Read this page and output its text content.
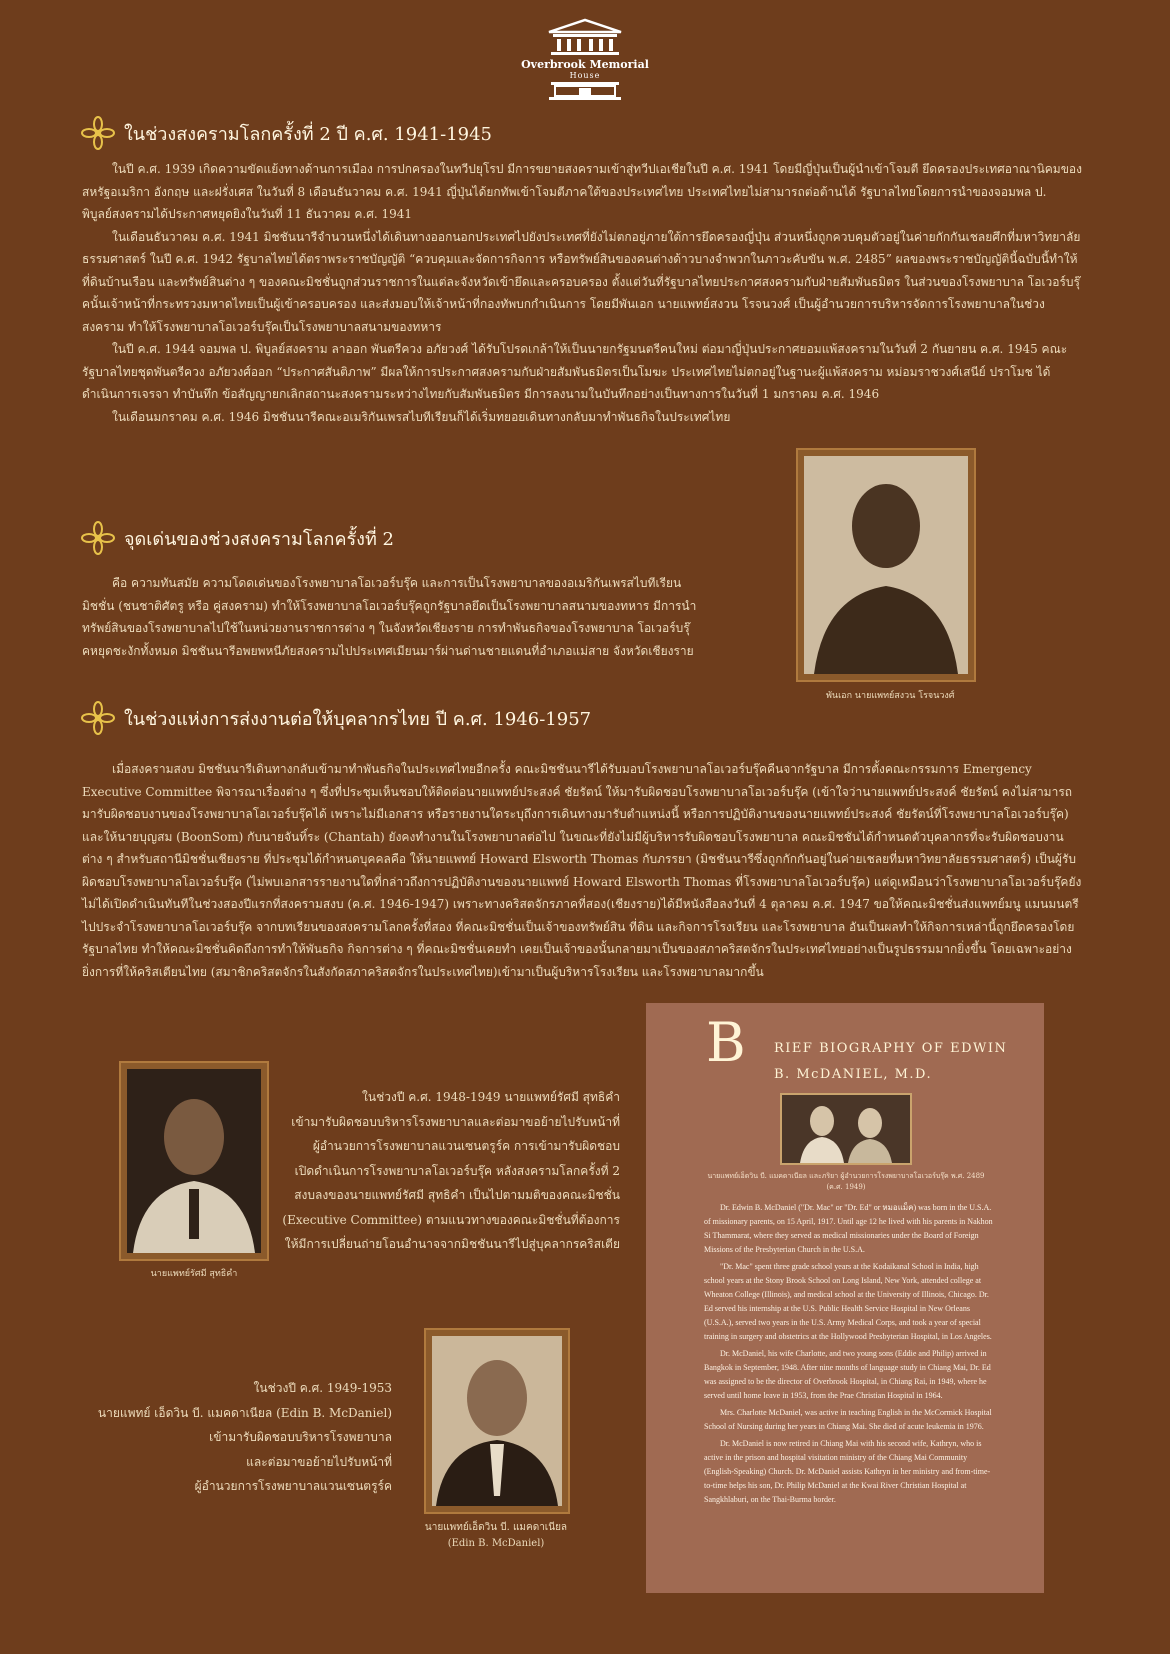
Overbrook Memorial
House
ในช่วงสงครามโลกครั้งที่ 2 ปี ค.ศ. 1941-1945

ในปี ค.ศ. 1939 เกิดความขัดแย้งทางด้านการเมือง การปกครองในทวีปยุโรป มีการขยายสงครามเข้าสู่ทวีปเอเชียในปี ค.ศ. 1941 โดยมีญี่ปุ่นเป็นผู้นำเข้าโจมตี ยึดครองประเทศอาณานิคมของสหรัฐอเมริกา อังกฤษ และฝรั่งเศส ในวันที่ 8 เดือนธันวาคม ค.ศ. 1941 ญี่ปุ่นได้ยกทัพเข้าโจมตีภาคใต้ของประเทศไทย ประเทศไทยไม่สามารถต่อต้านได้ รัฐบาลไทยโดยการนำของจอมพล ป. พิบูลย์สงครามได้ประกาศหยุดยิงในวันที่ 11 ธันวาคม ค.ศ. 1941

ในเดือนธันวาคม ค.ศ. 1941 มิชชันนารีจำนวนหนึ่งได้เดินทางออกนอกประเทศไปยังประเทศที่ยังไม่ตกอยู่ภายใต้การยึดครองญี่ปุ่น ส่วนหนึ่งถูกควบคุมตัวอยู่ในค่ายกักกันเชลยศึกที่มหาวิทยาลัยธรรมศาสตร์ ในปี ค.ศ. 1942 รัฐบาลไทยได้ตราพระราชบัญญัติ “ควบคุมและจัดการกิจการ หรือทรัพย์สินของคนต่างด้าวบางจำพวกในภาวะคับขัน พ.ศ. 2485” ผลของพระราชบัญญัตินี้ฉบับนี้ทำให้ที่ดินบ้านเรือน และทรัพย์สินต่าง ๆ ของคณะมิชชั่นถูกส่วนราชการในแต่ละจังหวัดเข้ายึดและครอบครอง ตั้งแต่วันที่รัฐบาลไทยประกาศสงครามกับฝ่ายสัมพันธมิตร ในส่วนของโรงพยาบาล โอเวอร์บรุ๊คนั้นเจ้าหน้าที่กระทรวงมหาดไทยเป็นผู้เข้าครอบครอง และส่งมอบให้เจ้าหน้าที่กองทัพบกกำเนินการ โดยมีพันเอก นายแพทย์สงวน โรจนวงศ์ เป็นผู้อำนวยการบริหารจัดการโรงพยาบาลในช่วงสงคราม ทำให้โรงพยาบาลโอเวอร์บรุ๊คเป็นโรงพยาบาลสนามของทหาร

ในปี ค.ศ. 1944 จอมพล ป. พิบูลย์สงคราม ลาออก พันตรีควง อภัยวงศ์ ได้รับโปรดเกล้าให้เป็นนายกรัฐมนตรีคนใหม่ ต่อมาญี่ปุ่นประกาศยอมแพ้สงครามในวันที่ 2 กันยายน ค.ศ. 1945 คณะรัฐบาลไทยชุดพันตรีควง อภัยวงศ์ออก “ประกาศสันติภาพ” มีผลให้การประกาศสงครามกับฝ่ายสัมพันธมิตรเป็นโมฆะ ประเทศไทยไม่ตกอยู่ในฐานะผู้แพ้สงคราม หม่อมราชวงศ์เสนีย์ ปราโมช ได้ดำเนินการเจรจา ทำบันทึก ข้อสัญญายกเลิกสถานะสงครามระหว่างไทยกับสัมพันธมิตร มีการลงนามในบันทึกอย่างเป็นทางการในวันที่ 1 มกราคม ค.ศ. 1946

ในเดือนมกราคม ค.ศ. 1946 มิชชันนารีคณะอเมริกันเพรสไบทีเรียนก็ได้เริ่มทยอยเดินทางกลับมาทำพันธกิจในประเทศไทย

พันเอก นายแพทย์สงวน โรจนวงศ์
จุดเด่นของช่วงสงครามโลกครั้งที่ 2

คือ ความทันสมัย ความโดดเด่นของโรงพยาบาลโอเวอร์บรุ๊ค และการเป็นโรงพยาบาลของอเมริกันเพรสไบทีเรียนมิชชั่น (ชนชาติศัตรู หรือ คู่สงคราม) ทำให้โรงพยาบาลโอเวอร์บรุ๊คถูกรัฐบาลยึดเป็นโรงพยาบาลสนามของทหาร มีการนำทรัพย์สินของโรงพยาบาลไปใช้ในหน่วยงานราชการต่าง ๆ ในจังหวัดเชียงราย การทำพันธกิจของโรงพยาบาล โอเวอร์บรุ๊คหยุดชะงักทั้งหมด มิชชันนารีอพยพหนีภัยสงครามไปประเทศเมียนมาร์ผ่านด่านชายแดนที่อำเภอแม่สาย จังหวัดเชียงราย

ในช่วงแห่งการส่งงานต่อให้บุคลากรไทย ปี ค.ศ. 1946-1957

เมื่อสงครามสงบ มิชชันนารีเดินทางกลับเข้ามาทำพันธกิจในประเทศไทยอีกครั้ง คณะมิชชันนารีได้รับมอบโรงพยาบาลโอเวอร์บรุ๊คคืนจากรัฐบาล มีการตั้งคณะกรรมการ Emergency Executive Committee พิจารณาเรื่องต่าง ๆ ซึ่งที่ประชุมเห็นชอบให้ติดต่อนายแพทย์ประสงค์ ชัยรัตน์ ให้มารับผิดชอบโรงพยาบาลโอเวอร์บรุ๊ค (เข้าใจว่านายแพทย์ประสงค์ ชัยรัตน์ คงไม่สามารถมารับผิดชอบงานของโรงพยาบาลโอเวอร์บรุ๊คได้ เพราะไม่มีเอกสาร หรือรายงานใดระบุถึงการเดินทางมารับตำแหน่งนี้ หรือการปฏิบัติงานของนายแพทย์ประสงค์ ชัยรัตน์ที่โรงพยาบาลโอเวอร์บรุ๊ค) และให้นายบุญสม (BoonSom) กับนายจันทิ์ระ (Chantah) ยังคงทำงานในโรงพยาบาลต่อไป ในขณะที่ยังไม่มีผู้บริหารรับผิดชอบโรงพยาบาล คณะมิชชันได้กำหนดตัวบุคลากรที่จะรับผิดชอบงานต่าง ๆ สำหรับสถานีมิชชั่นเชียงราย ที่ประชุมได้กำหนดบุคคลคือ ให้นายแพทย์ Howard Elsworth Thomas กับภรรยา (มิชชันนารีซึ่งถูกกักกันอยู่ในค่ายเชลยที่มหาวิทยาลัยธรรมศาสตร์) เป็นผู้รับผิดชอบโรงพยาบาลโอเวอร์บรุ๊ค (ไม่พบเอกสารรายงานใดที่กล่าวถึงการปฏิบัติงานของนายแพทย์ Howard Elsworth Thomas ที่โรงพยาบาลโอเวอร์บรุ๊ค) แต่ดูเหมือนว่าโรงพยาบาลโอเวอร์บรุ๊คยังไม่ได้เปิดดำเนินทันทีในช่วงสองปีแรกที่สงครามสงบ (ค.ศ. 1946-1947) เพราะทางคริสตจักรภาคที่สอง(เชียงราย)ได้มีหนังสือลงวันที่ 4 ตุลาคม ค.ศ. 1947 ขอให้คณะมิชชั่นส่งแพทย์มนู แมนมนตรี ไปประจำโรงพยาบาลโอเวอร์บรุ๊ค จากบทเรียนของสงครามโลกครั้งที่สอง ที่คณะมิชชั่นเป็นเจ้าของทรัพย์สิน ที่ดิน และกิจการโรงเรียน และโรงพยาบาล อันเป็นผลทำให้กิจการเหล่านี้ถูกยึดครองโดยรัฐบาลไทย ทำให้คณะมิชชั่นคิดถึงการทำให้พันธกิจ กิจการต่าง ๆ ที่คณะมิชชั่นเคยทำ เคยเป็นเจ้าของนั้นกลายมาเป็นของสภาคริสตจักรในประเทศไทยอย่างเป็นรูปธรรมมากยิ่งขึ้น โดยเฉพาะอย่างยิ่งการที่ให้คริสเตียนไทย (สมาชิกคริสตจักรในสังกัดสภาคริสตจักรในประเทศไทย)เข้ามาเป็นผู้บริหารโรงเรียน และโรงพยาบาลมากขึ้น

นายแพทย์รัศมี สุทธิคำ

ในช่วงปี ค.ศ. 1948-1949 นายแพทย์รัศมี สุทธิคำ

เข้ามารับผิดชอบบริหารโรงพยาบาลและต่อมาขอย้ายไปรับหน้าที่

ผู้อำนวยการโรงพยาบาลแวนเซนตรูร์ค การเข้ามารับผิดชอบ

เปิดดำเนินการโรงพยาบาลโอเวอร์บรุ๊ค หลังสงครามโลกครั้งที่ 2

สงบลงของนายแพทย์รัศมี สุทธิคำ เป็นไปตามมติของคณะมิชชั่น

(Executive Committee) ตามแนวทางของคณะมิชชั่นที่ต้องการ

ให้มีการเปลี่ยนถ่ายโอนอำนาจจากมิชชันนารีไปสู่บุคลากรคริสเตีย

ในช่วงปี ค.ศ. 1949-1953

นายแพทย์ เอ็ดวิน บี. แมคดาเนียล (Edin B. McDaniel)

เข้ามารับผิดชอบบริหารโรงพยาบาล

และต่อมาขอย้ายไปรับหน้าที่

ผู้อำนวยการโรงพยาบาลแวนเซนตรูร์ค

นายแพทย์เอ็ดวิน บี. แมคดาเนียล
(Edin B. McDaniel)
B RIEF BIOGRAPHY OF EDWIN
B. McDANIEL, M.D.
นายแพทย์เอ็ดวิน บี. แมคดาเนียล และภริยา ผู้อำนวยการโรงพยาบาลโอเวอร์บรุ๊ค พ.ศ. 2489 (ค.ศ. 1949)

Dr. Edwin B. McDaniel ("Dr. Mac" or "Dr. Ed" or หมอแม็ค) was born in the U.S.A. of missionary parents, on 15 April, 1917. Until age 12 he lived with his parents in Nakhon Si Thammarat, where they served as medical missionaries under the Board of Foreign Missions of the Presbyterian Church in the U.S.A.

"Dr. Mac" spent three grade school years at the Kodaikanal School in India, high school years at the Stony Brook School on Long Island, New York, attended college at Wheaton College (Illinois), and medical school at the University of Illinois, Chicago. Dr. Ed served his internship at the U.S. Public Health Service Hospital in New Orleans (U.S.A.), served two years in the U.S. Army Medical Corps, and took a year of special training in surgery and obstetrics at the Hollywood Presbyterian Hospital, in Los Angeles.

Dr. McDaniel, his wife Charlotte, and two young sons (Eddie and Philip) arrived in Bangkok in September, 1948. After nine months of language study in Chiang Mai, Dr. Ed was assigned to be the director of Overbrook Hospital, in Chiang Rai, in 1949, where he served until home leave in 1953, from the Prae Christian Hospital in 1964.

Mrs. Charlotte McDaniel, was active in teaching English in the McCormick Hospital School of Nursing during her years in Chiang Mai. She died of acute leukemia in 1976.

Dr. McDaniel is now retired in Chiang Mai with his second wife, Kathryn, who is active in the prison and hospital visitation ministry of the Chiang Mai Community (English-Speaking) Church. Dr. McDaniel assists Kathryn in her ministry and from-time-to-time helps his son, Dr. Philip McDaniel at the Kwai River Christian Hospital at Sangkhlaburi, on the Thai-Burma border.
